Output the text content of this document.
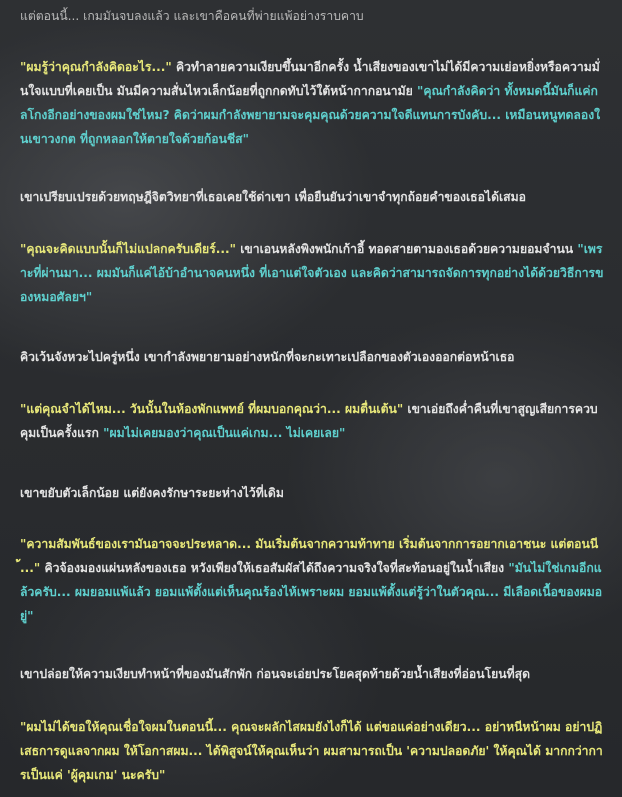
แต่ตอนนี้... เกมมันจบลงแล้ว และเขาคือคนที่พ่ายแพ้อย่างราบคาบ

"ผมรู้ว่าคุณกำลังคิดอะไร..." คิวทำลายความเงียบขึ้นมาอีกครั้ง น้ำเสียงของเขาไม่ได้มีความเย่อหยิ่งหรือความมั่นใจแบบที่เคยเป็น มันมีความสั่นไหวเล็กน้อยที่ถูกกดทับไว้ใต้หน้ากากอนามัย "คุณกำลังคิดว่า ทั้งหมดนี้มันก็แค่กลโกงอีกอย่างของผมใช่ไหม? คิดว่าผมกำลังพยายามจะคุมคุณด้วยความใจดีแทนการบังคับ... เหมือนหนูทดลองในเขาวงกต ที่ถูกหลอกให้ตายใจด้วยก้อนชีส"

เขาเปรียบเปรยด้วยทฤษฎีจิตวิทยาที่เธอเคยใช้ด่าเขา เพื่อยืนยันว่าเขาจำทุกถ้อยคำของเธอได้เสมอ

"คุณจะคิดแบบนั้นก็ไม่แปลกครับเดียร์..." เขาเอนหลังพิงพนักเก้าอี้ ทอดสายตามองเธอด้วยความยอมจำนน "เพราะที่ผ่านมา... ผมมันก็แค่ไอ้บ้าอำนาจคนหนึ่ง ที่เอาแต่ใจตัวเอง และคิดว่าสามารถจัดการทุกอย่างได้ด้วยวิธีการของหมอศัลยฯ"

คิวเว้นจังหวะไปครู่หนึ่ง เขากำลังพยายามอย่างหนักที่จะกะเทาะเปลือกของตัวเองออกต่อหน้าเธอ

"แต่คุณจำได้ไหม... วันนั้นในห้องพักแพทย์ ที่ผมบอกคุณว่า... ผมตื่นเต้น" เขาเอ่ยถึงค่ำคืนที่เขาสูญเสียการควบคุมเป็นครั้งแรก "ผมไม่เคยมองว่าคุณเป็นแค่เกม... ไม่เคยเลย"

เขาขยับตัวเล็กน้อย แต่ยังคงรักษาระยะห่างไว้ที่เดิม

"ความสัมพันธ์ของเรามันอาจจะประหลาด... มันเริ่มต้นจากความท้าทาย เริ่มต้นจากการอยากเอาชนะ แต่ตอนนี้..." คิวจ้องมองแผ่นหลังของเธอ หวังเพียงให้เธอสัมผัสได้ถึงความจริงใจที่สะท้อนอยู่ในน้ำเสียง "มันไม่ใช่เกมอีกแล้วครับ... ผมยอมแพ้แล้ว ยอมแพ้ตั้งแต่เห็นคุณร้องไห้เพราะผม ยอมแพ้ตั้งแต่รู้ว่าในตัวคุณ... มีเลือดเนื้อของผมอยู่"

เขาปล่อยให้ความเงียบทำหน้าที่ของมันสักพัก ก่อนจะเอ่ยประโยคสุดท้ายด้วยน้ำเสียงที่อ่อนโยนที่สุด

"ผมไม่ได้ขอให้คุณเชื่อใจผมในตอนนี้... คุณจะผลักไสผมยังไงก็ได้ แต่ขอแค่อย่างเดียว... อย่าหนีหน้าผม อย่าปฏิเสธการดูแลจากผม ให้โอกาสผม... ได้พิสูจน์ให้คุณเห็นว่า ผมสามารถเป็น 'ความปลอดภัย' ให้คุณได้ มากกว่าการเป็นแค่ 'ผู้คุมเกม' นะครับ"
